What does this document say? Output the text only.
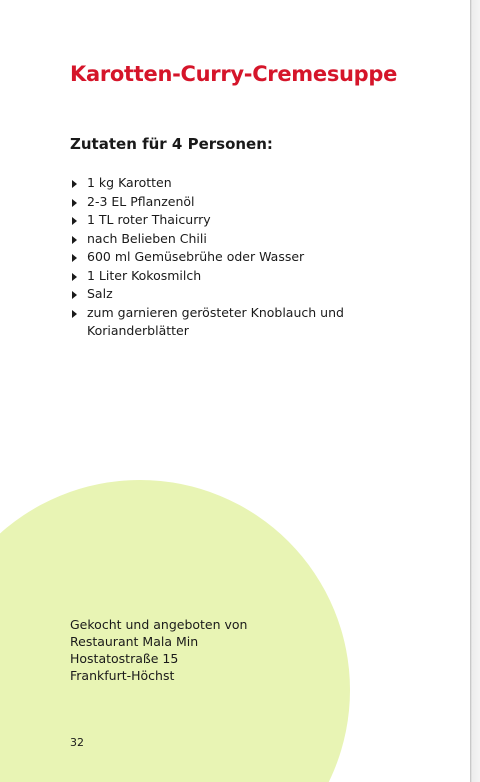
Karotten-Curry-Cremesuppe
Zutaten für 4 Personen:
1 kg Karotten
2-3 EL Pflanzenöl
1 TL roter Thaicurry
nach Belieben Chili
600 ml Gemüsebrühe oder Wasser
1 Liter Kokosmilch
Salz
zum garnieren gerösteter Knoblauch und Korianderblätter
Gekocht und angeboten von
Restaurant Mala Min
Hostatostraße 15
Frankfurt-Höchst
32
